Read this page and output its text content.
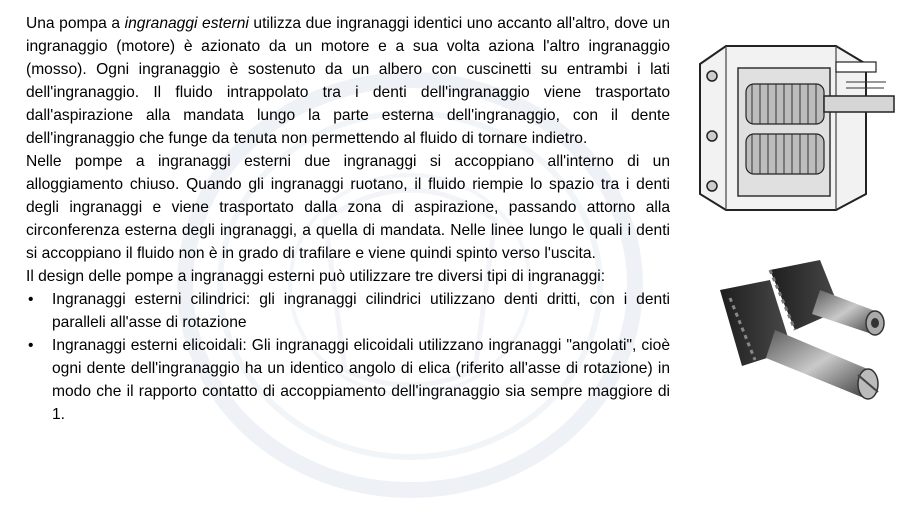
Una pompa a ingranaggi esterni utilizza due ingranaggi identici uno accanto all'altro, dove un ingranaggio (motore) è azionato da un motore e a sua volta aziona l'altro ingranaggio (mosso). Ogni ingranaggio è sostenuto da un albero con cuscinetti su entrambi i lati dell'ingranaggio. Il fluido intrappolato tra i denti dell'ingranaggio viene trasportato dall'aspirazione alla mandata lungo la parte esterna dell'ingranaggio, con il dente dell'ingranaggio che funge da tenuta non permettendo al fluido di tornare indietro.

Nelle pompe a ingranaggi esterni due ingranaggi si accoppiano all'interno di un alloggiamento chiuso. Quando gli ingranaggi ruotano, il fluido riempie lo spazio tra i denti degli ingranaggi e viene trasportato dalla zona di aspirazione, passando attorno alla circonferenza esterna degli ingranaggi, a quella di mandata. Nelle linee lungo le quali i denti si accoppiano il fluido non è in grado di trafilare e viene quindi spinto verso l'uscita.

Il design delle pompe a ingranaggi esterni può utilizzare tre diversi tipi di ingranaggi:

• Ingranaggi esterni cilindrici: gli ingranaggi cilindrici utilizzano denti dritti, con i denti paralleli all'asse di rotazione
• Ingranaggi esterni elicoidali: Gli ingranaggi elicoidali utilizzano ingranaggi "angolati", cioè ogni dente dell'ingranaggio ha un identico angolo di elica (riferito all'asse di rotazione) in modo che il rapporto contatto di accoppiamento dell'ingranaggio sia sempre maggiore di 1.
